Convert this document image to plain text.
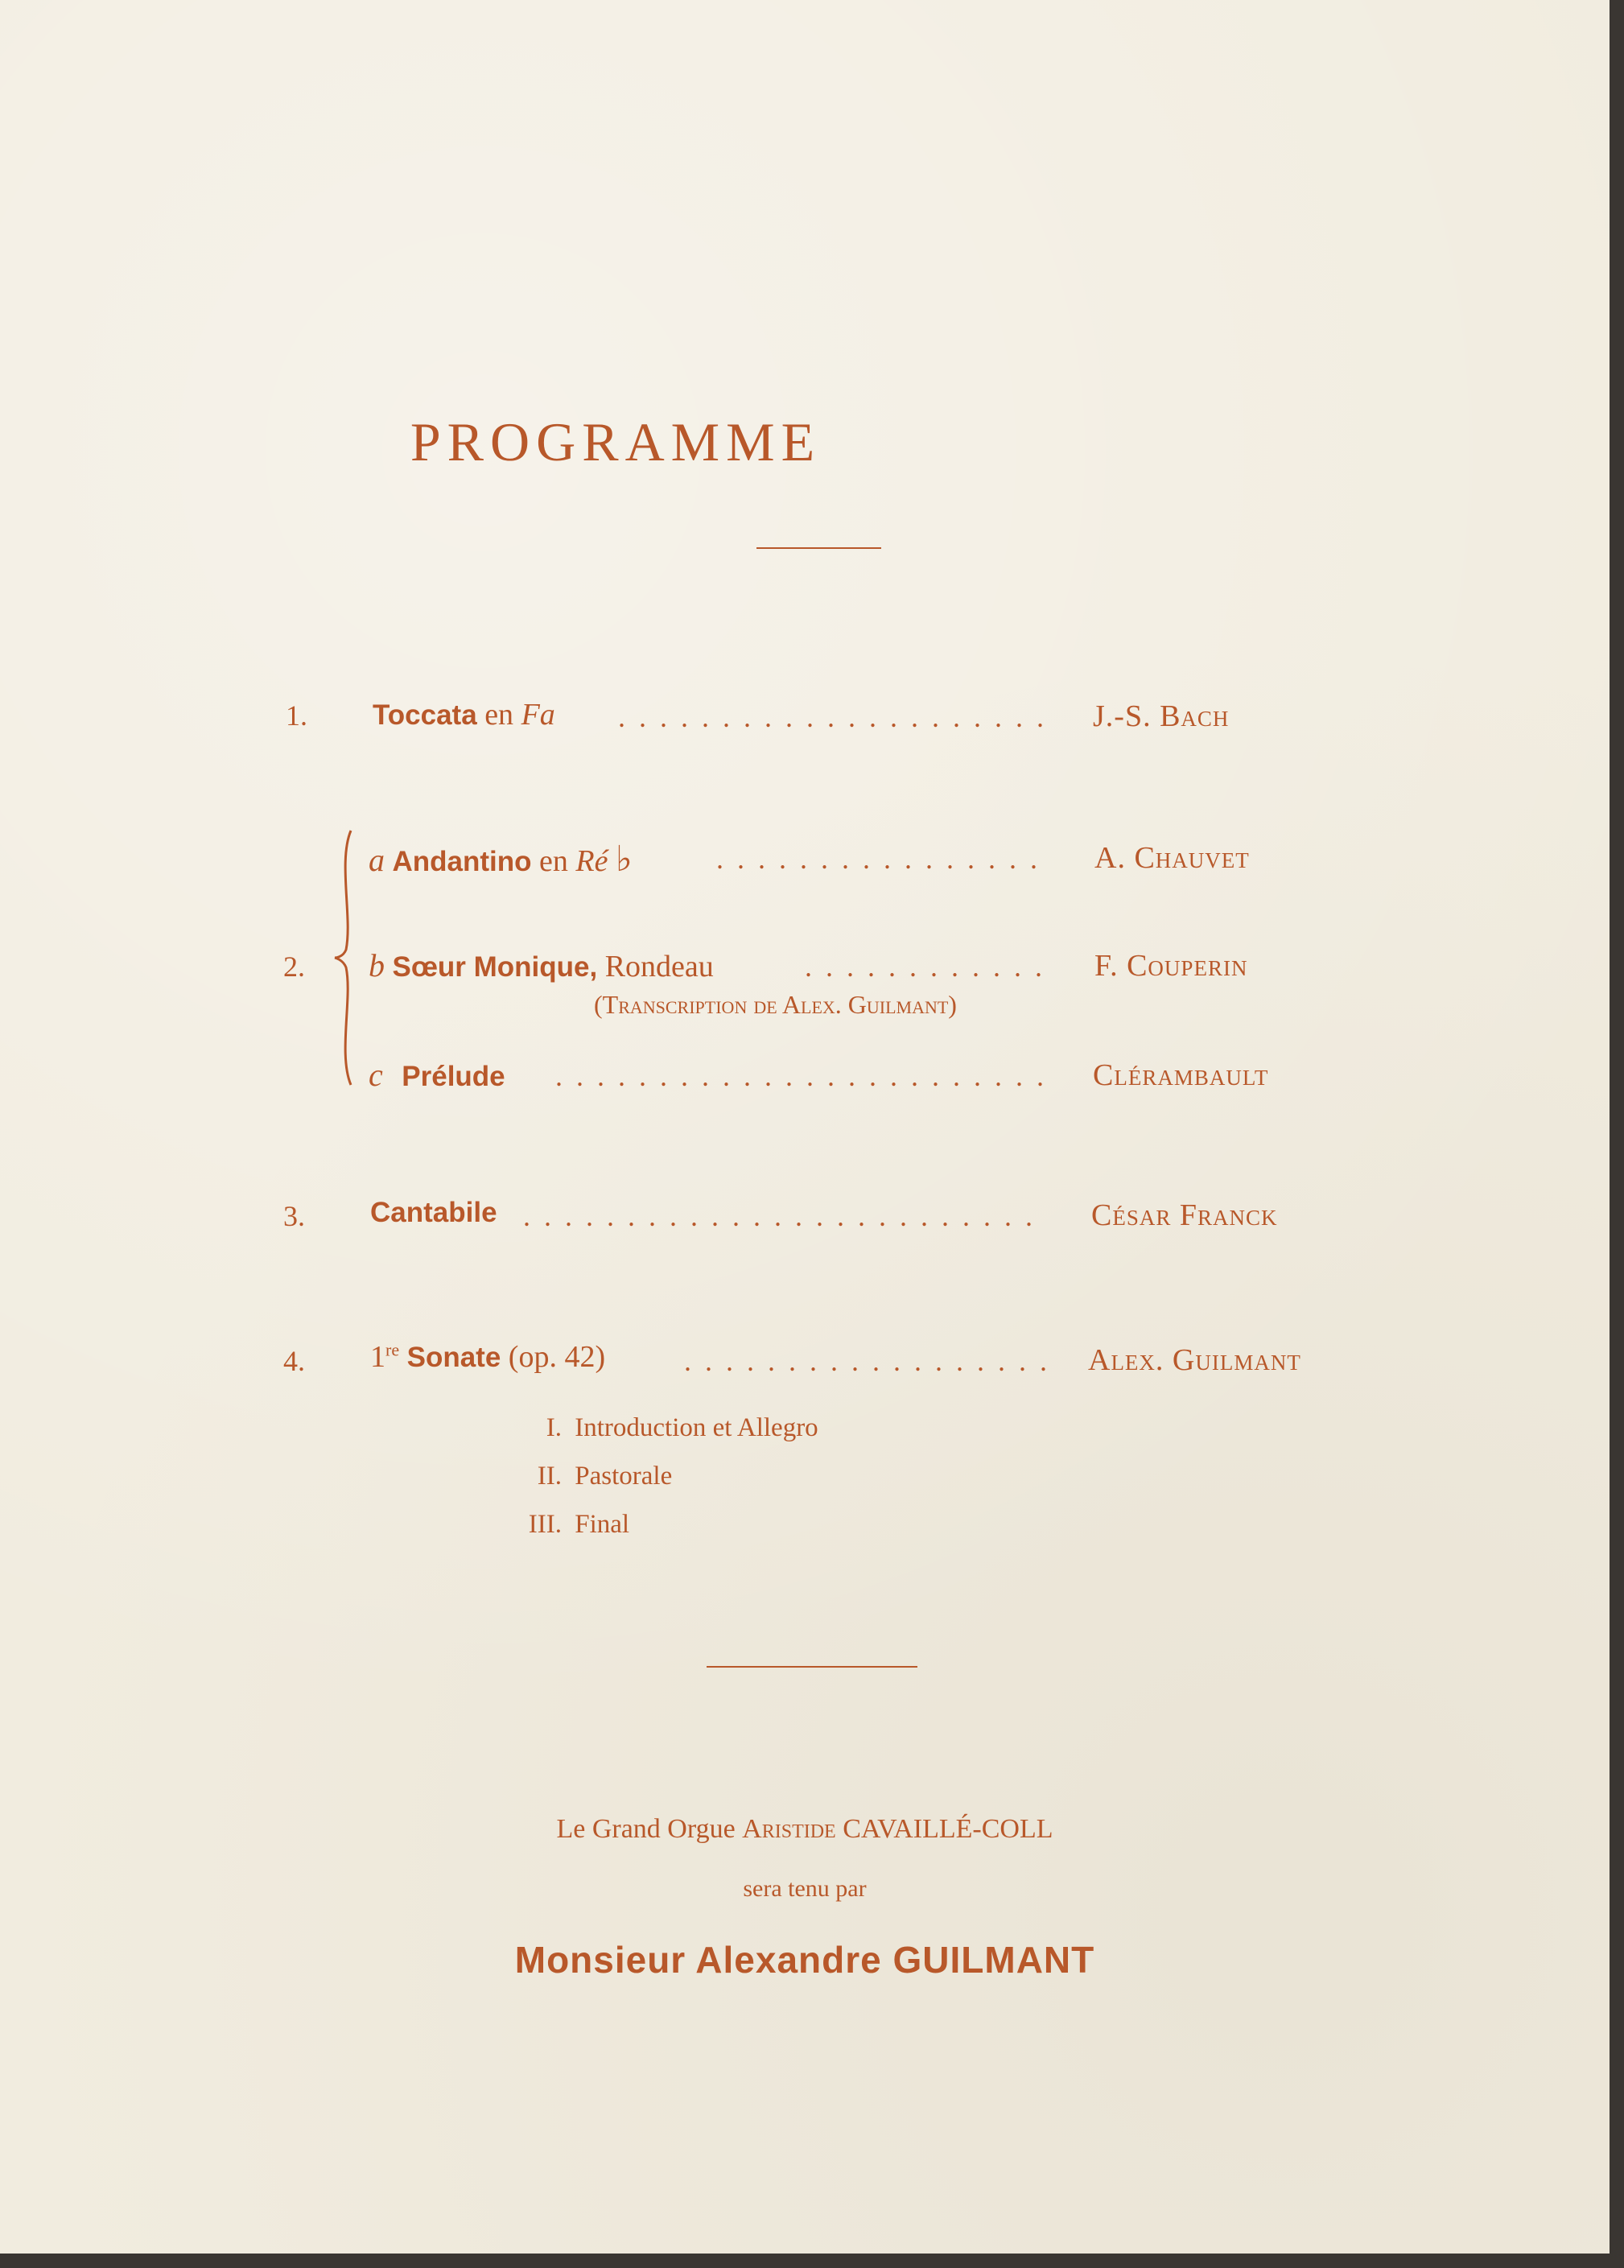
PROGRAMME
1. Toccata en Fa . . . . . . . . . . . . . . . . . . . . . J.-S. Bach
2.
a Andantino en Ré ♭	. . . . . . . . . . . . . . . .	A. Chauvet
b Sœur Monique, Rondeau	. . . . . . . . . . . . F. Couperin
(Transcription de Alex. Guilmant)
c Prélude . . . . . . . . . . . . . . . . . . . . . . . . Clérambault
3. Cantabile . . . . . . . . . . . . . . . . . . . . . . . . .	César Franck
4. 1re Sonate (op. 42)	. . . . . . . . . . . . . . . . . . Alex. Guilmant
I. Introduction et Allegro
II. Pastorale
III. Final
Le Grand Orgue Aristide CAVAILLÉ-COLL
sera tenu par
Monsieur Alexandre GUILMANT
